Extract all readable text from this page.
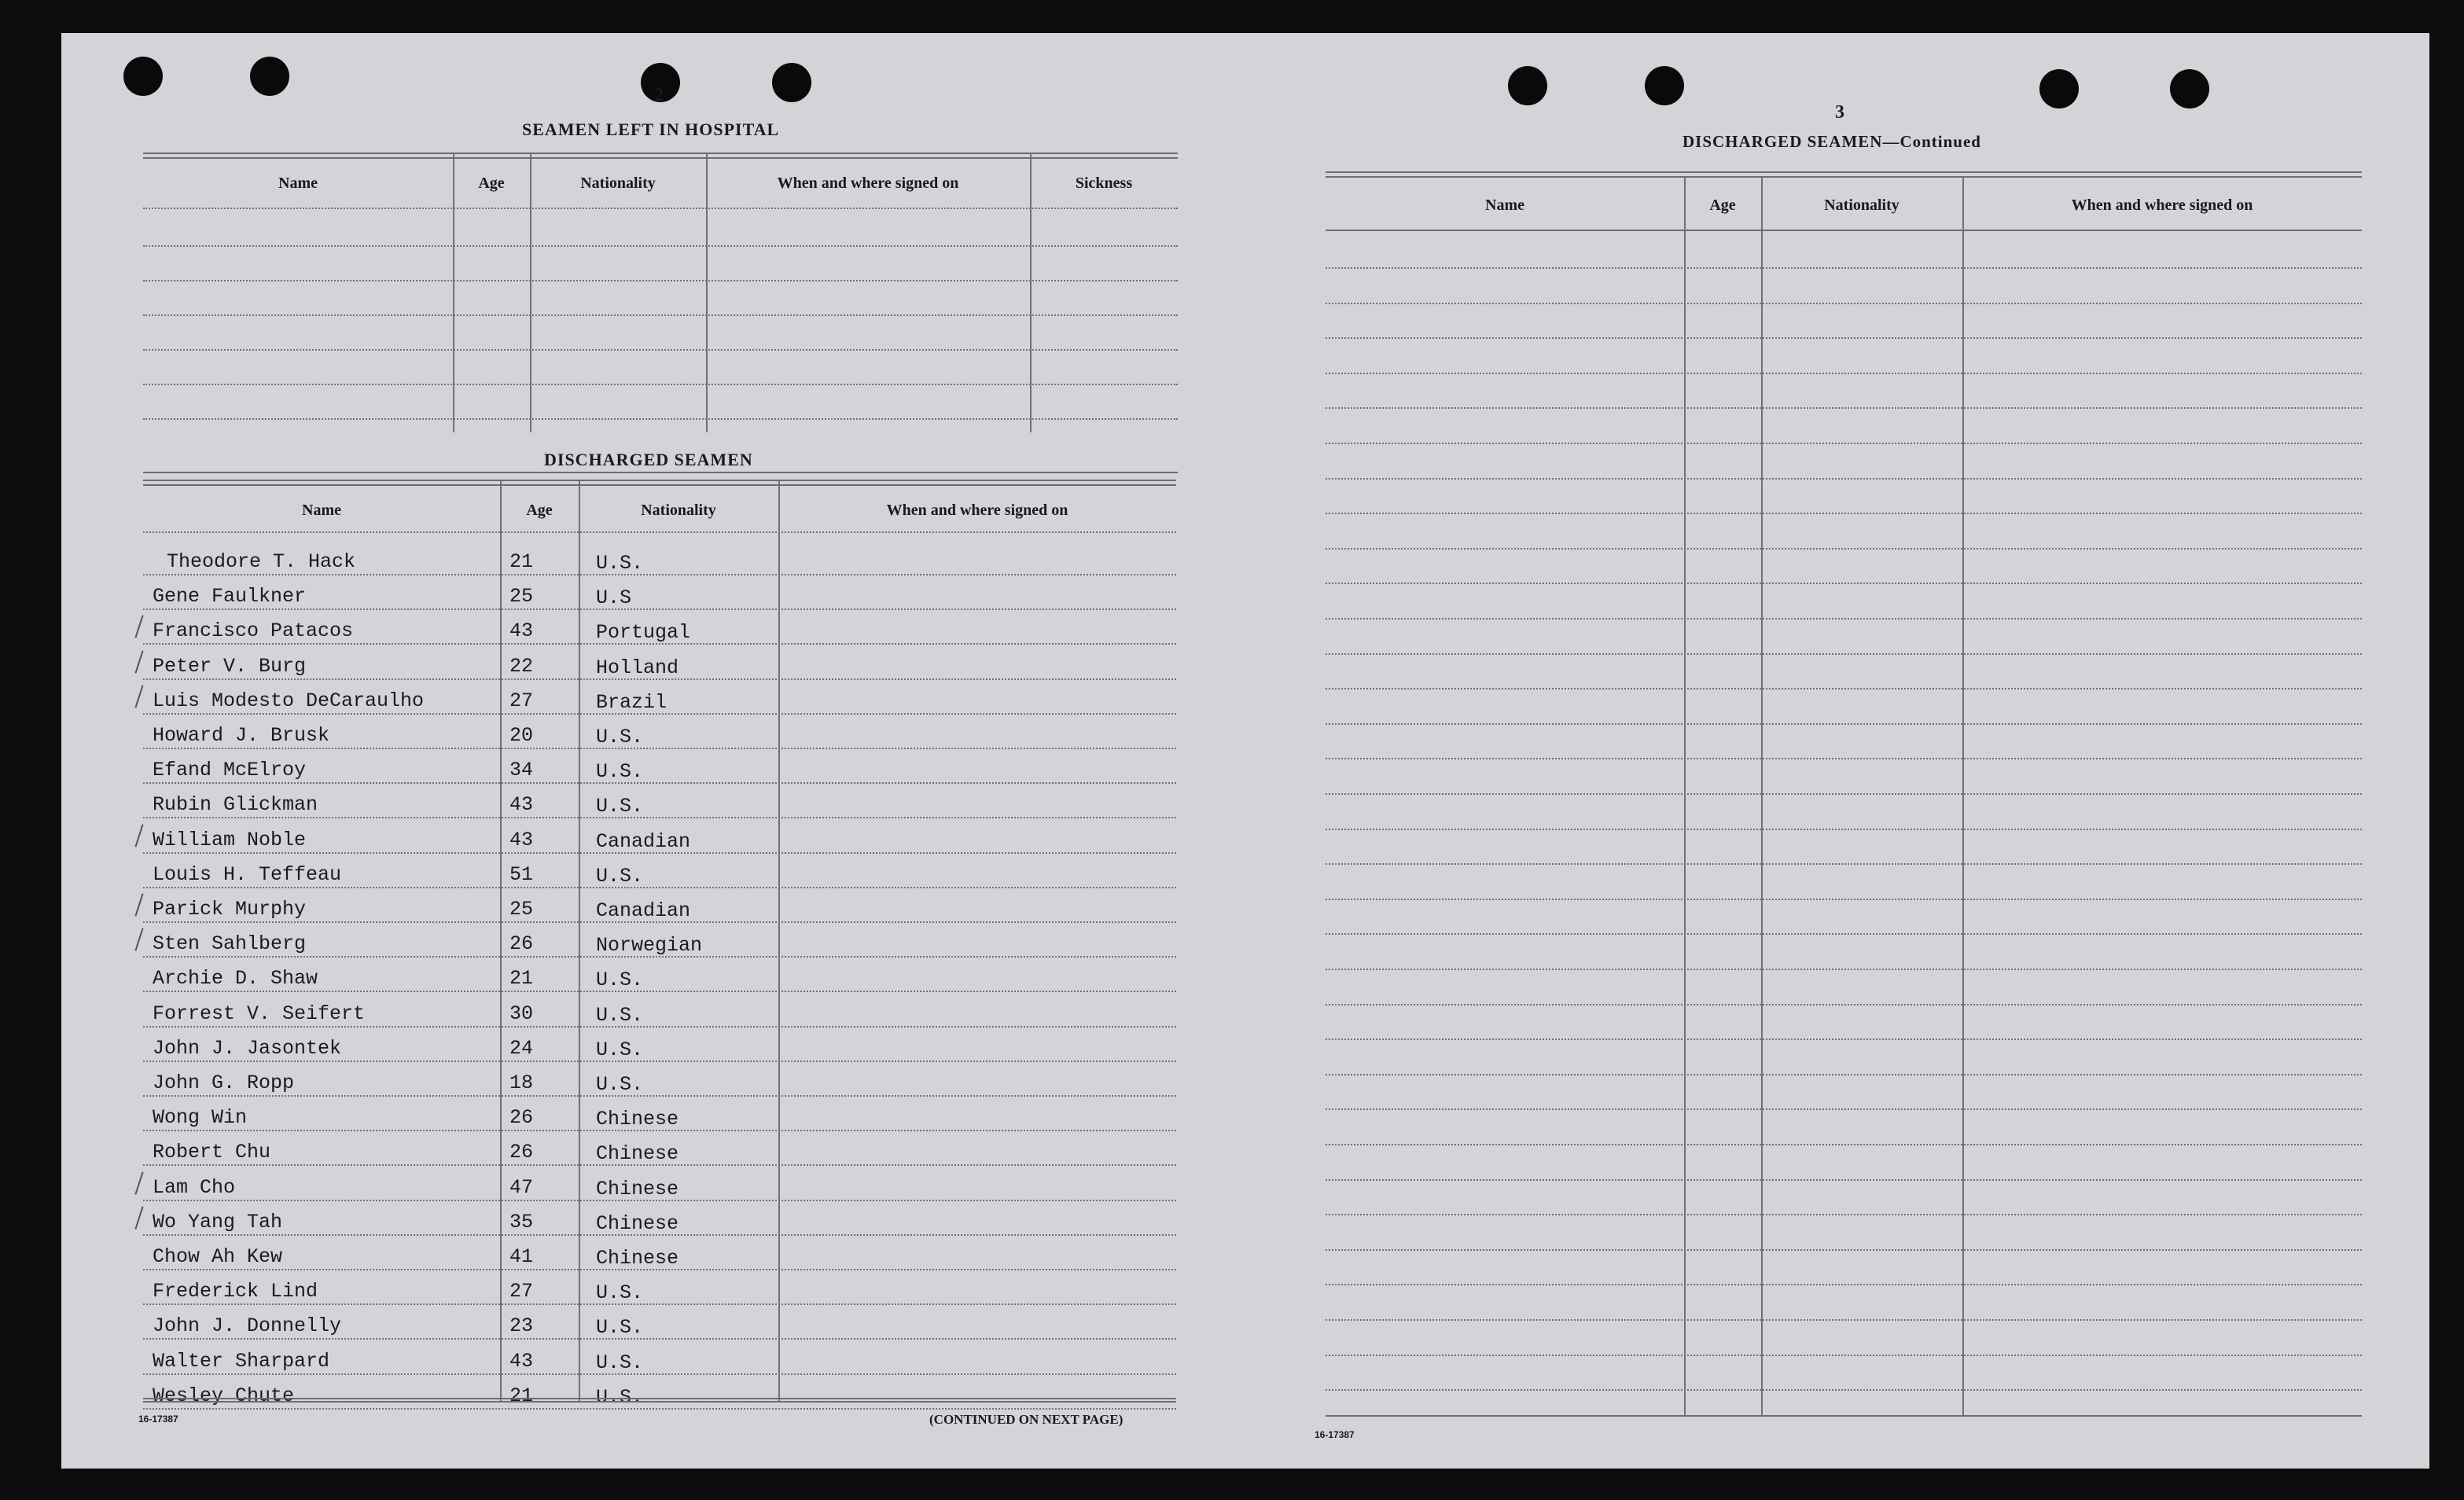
2
SEAMEN LEFT IN HOSPITAL
Name	Age	Nationality	When and where signed on	Sickness
DISCHARGED SEAMEN
Name	Age	Nationality	When and where signed on
Theodore T. Hack	21	U.S.
Gene Faulkner	25	U.S
Francisco Patacos	43	Portugal
Peter V. Burg	22	Holland
Luis Modesto DeCaraulho	27	Brazil
Howard J. Brusk	20	U.S.
Efand McElroy	34	U.S.
Rubin Glickman	43	U.S.
William Noble	43	Canadian
Louis H. Teffeau	51	U.S.
Parick Murphy	25	Canadian
Sten Sahlberg	26	Norwegian
Archie D. Shaw	21	U.S.
Forrest V. Seifert	30	U.S.
John J. Jasontek	24	U.S.
John G. Ropp	18	U.S.
Wong Win	26	Chinese
Robert Chu	26	Chinese
Lam Cho	47	Chinese
Wo Yang Tah	35	Chinese
Chow Ah Kew	41	Chinese
Frederick Lind	27	U.S.
John J. Donnelly	23	U.S.
Walter Sharpard	43	U.S.
Wesley Chute	21	U.S.
16-17387	(CONTINUED ON NEXT PAGE)
3
DISCHARGED SEAMEN—Continued
Name	Age	Nationality	When and where signed on
16-17387
